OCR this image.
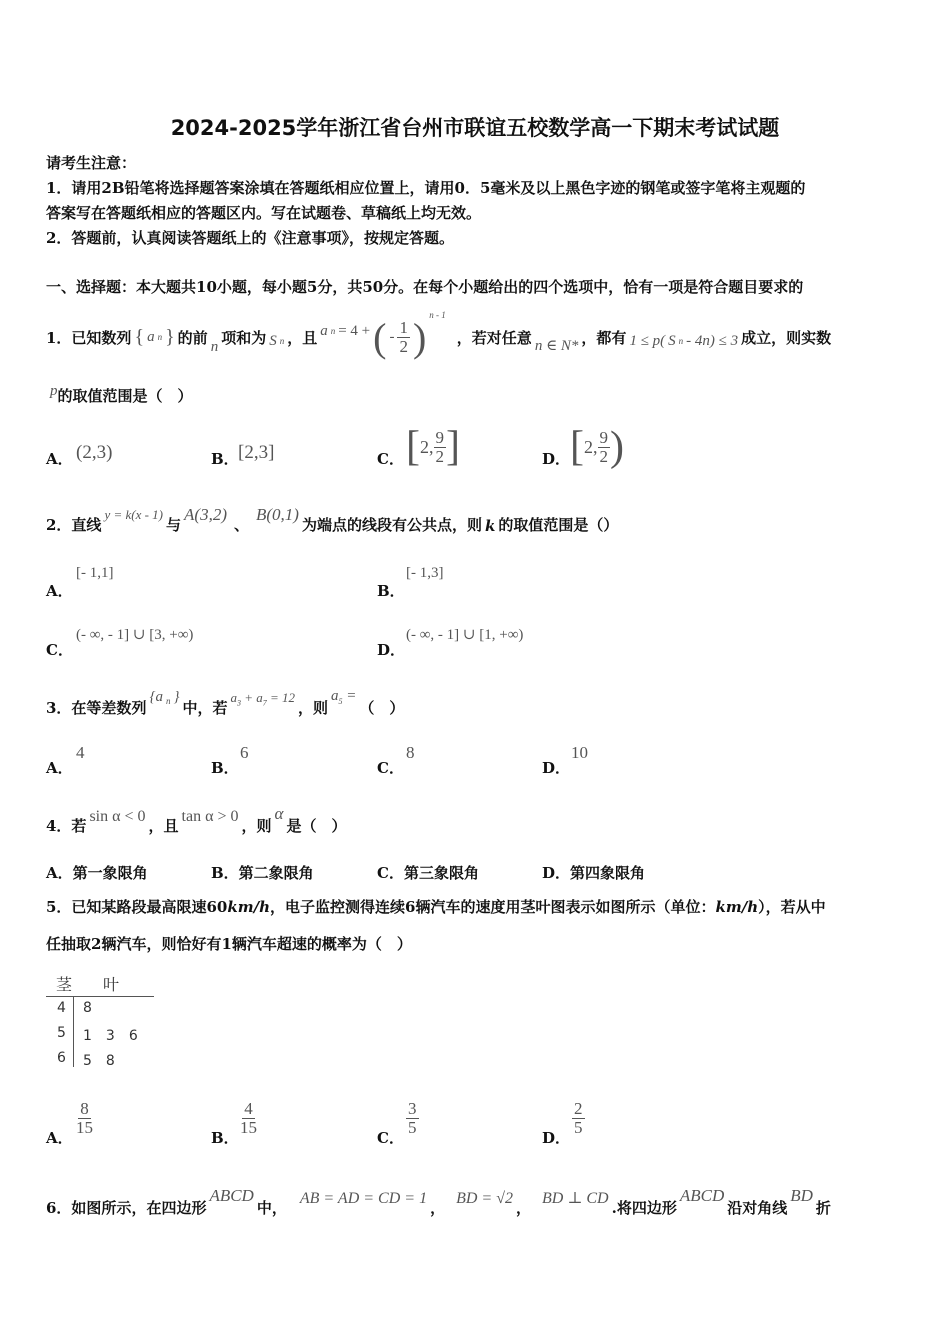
2024-2025学年浙江省台州市联谊五校数学高一下期末考试试题
请考生注意：
1．请用2B铅笔将选择题答案涂填在答题纸相应位置上，请用0．5毫米及以上黑色字迹的钢笔或签字笔将主观题的
答案写在答题纸相应的答题区内。写在试题卷、草稿纸上均无效。
2．答题前，认真阅读答题纸上的《注意事项》，按规定答题。
一、选择题：本大题共10小题，每小题5分，共50分。在每个小题给出的四个选项中，恰有一项是符合题目要求的
1．已知数列 { a n } 的前 n 项和为 S $_n$ ，且 a $_n$ = 4 + ( - $\frac{1}{2}$ ) n - 1
，若对任意 n ∈ N* ，都有 1 ≤ p( S $_n$ - 4n) ≤ 3 成立，则实数
p的取值范围是（　）
A． (2,3)	B． [2,3]	C． [ 2, $\frac{9}{2}$ ]	D． [ 2, $\frac{9}{2}$ )
2．直线
y = k(x - 1)
与
A(3,2)
、
B(0,1)
为端点的线段有公共点，则 k 的取值范围是（）
A．
[- 1,1]
B．
[- 1,3]
C．
(- ∞, - 1] ∪ [3, +∞)
D．
(- ∞, - 1] ∪ [1, +∞)
3．在等差数列
{a $_n$ }
中，若
$a_3 + a_7 = 12$
，则
$a_5$ =
（　）
A．
4
B．
6
C．
8
D．
10
4．若
sin α < 0
，且
tan α > 0
，则
α
是（　）
A．第一象限角	B．第二象限角	C．第三象限角	D．第四象限角
5．已知某路段最高限速60km/h，电子监控测得连续6辆汽车的速度用茎叶图表示如图所示（单位：km/h），若从中
任抽取2辆汽车，则恰好有1辆汽车超速的概率为（　）
茎 叶
4 8
5 1　3　6
6 5　8
A．
$\frac{8}{15}$
B．
$\frac{4}{15}$
C．
$\frac{3}{5}$
D．
$\frac{2}{5}$
6．如图所示，在四边形
ABCD
中，
AB = AD = CD = 1
，
BD = √2
，
BD ⊥ CD
.将四边形
ABCD
沿对角线
BD
折
